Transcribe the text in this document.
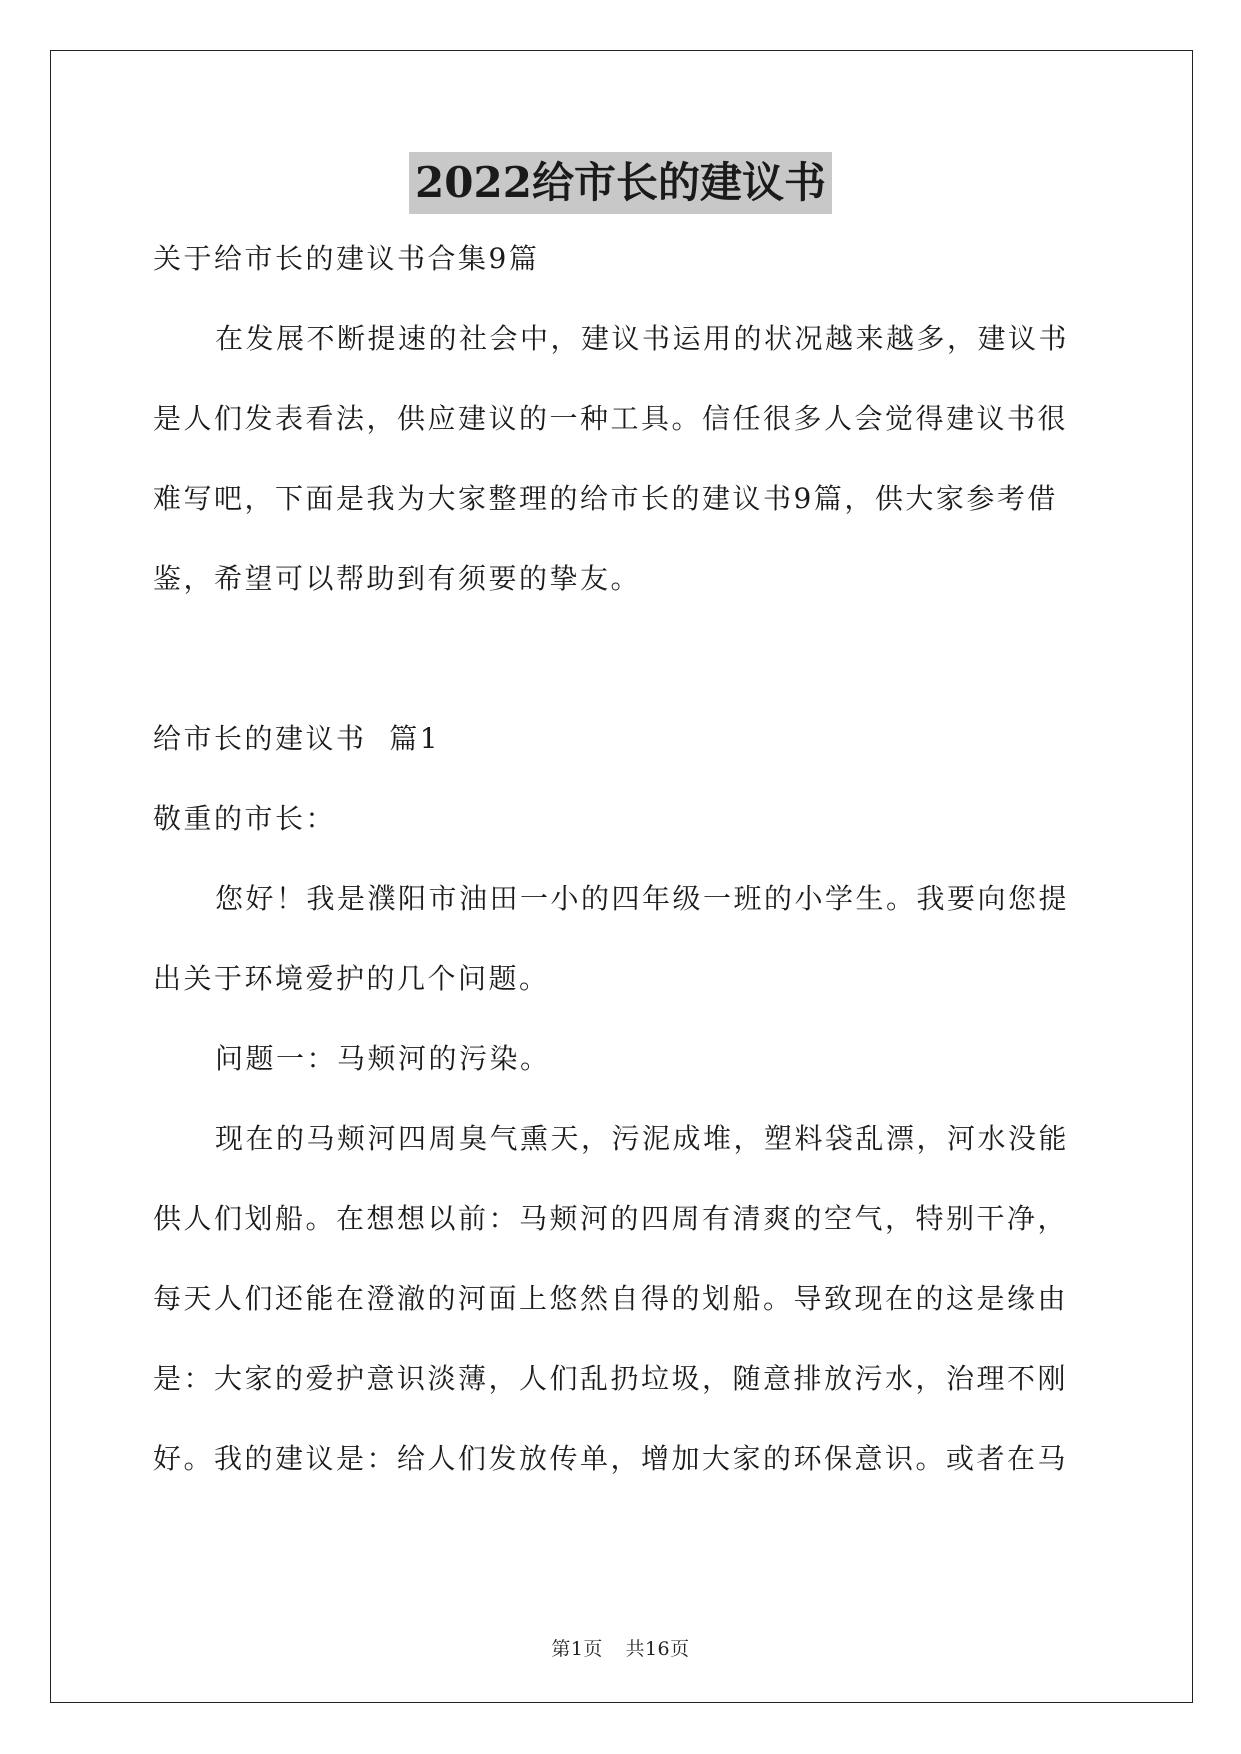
2022给市长的建议书
关于给市长的建议书合集9篇
在发展不断提速的社会中，建议书运用的状况越来越多，建议书
是人们发表看法，供应建议的一种工具。信任很多人会觉得建议书很
难写吧，下面是我为大家整理的给市长的建议书9篇，供大家参考借
鉴，希望可以帮助到有须要的挚友。
给市长的建议书  篇1
敬重的市长：
您好！我是濮阳市油田一小的四年级一班的小学生。我要向您提
出关于环境爱护的几个问题。
问题一：马颊河的污染。
现在的马颊河四周臭气熏天，污泥成堆，塑料袋乱漂，河水没能
供人们划船。在想想以前：马颊河的四周有清爽的空气，特别干净，
每天人们还能在澄澈的河面上悠然自得的划船。导致现在的这是缘由
是：大家的爱护意识淡薄，人们乱扔垃圾，随意排放污水，治理不刚
好。我的建议是：给人们发放传单，增加大家的环保意识。或者在马
第1页 共16页
